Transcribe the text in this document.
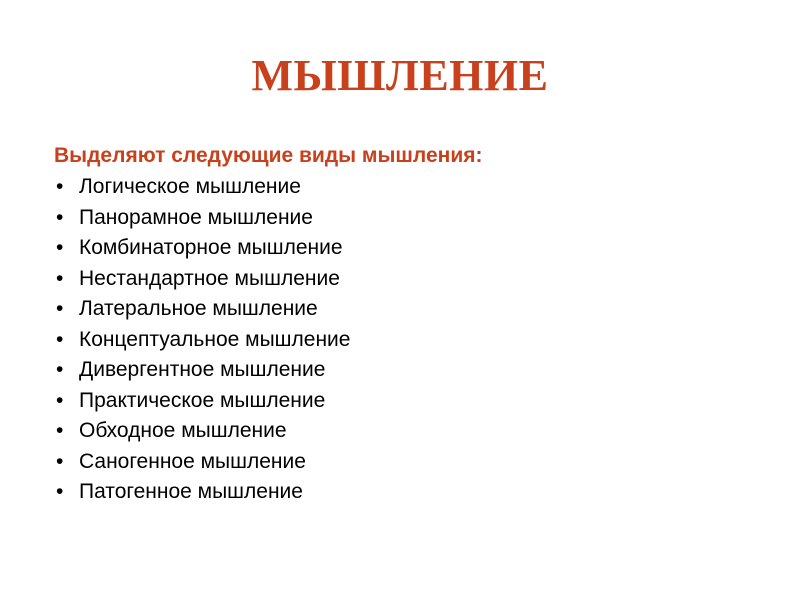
МЫШЛЕНИЕ

Выделяют следующие виды мышления:

• Логическое мышление
• Панорамное мышление
• Комбинаторное мышление
• Нестандартное мышление
• Латеральное мышление
• Концептуальное мышление
• Дивергентное мышление
• Практическое мышление
• Обходное мышление
• Саногенное мышление
• Патогенное мышление
